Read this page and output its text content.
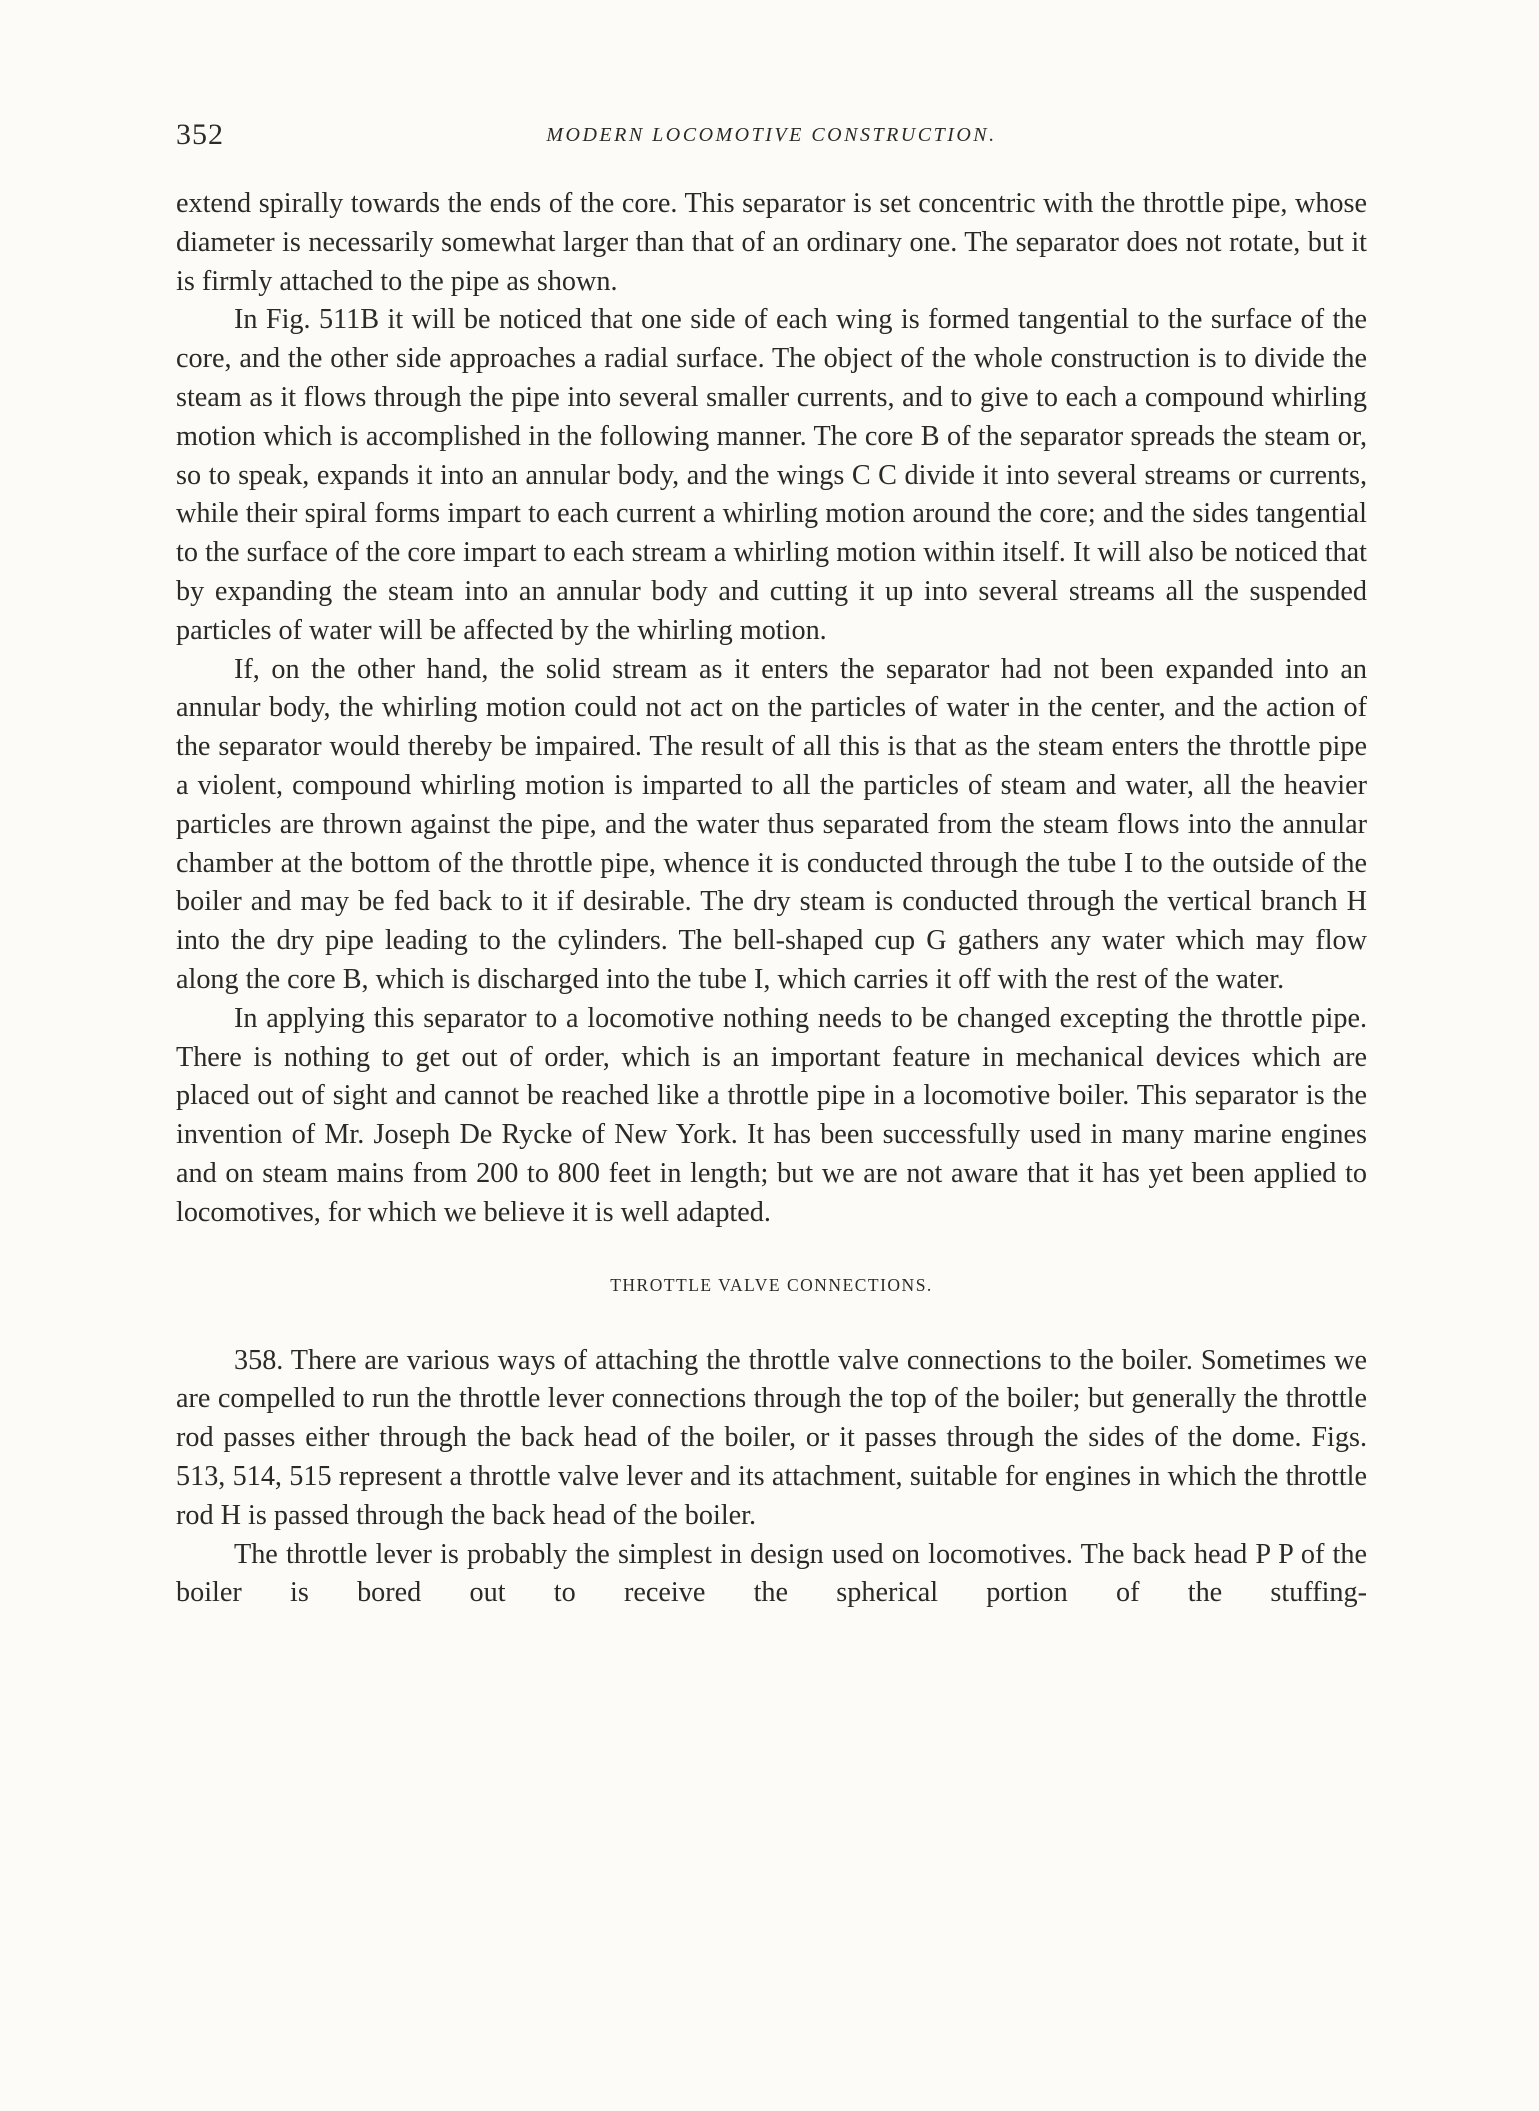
352	MODERN LOCOMOTIVE CONSTRUCTION.

extend spirally towards the ends of the core. This separator is set concentric with the throttle pipe, whose diameter is necessarily somewhat larger than that of an ordinary one. The separator does not rotate, but it is firmly attached to the pipe as shown.

In Fig. 511B it will be noticed that one side of each wing is formed tangential to the surface of the core, and the other side approaches a radial surface. The object of the whole construction is to divide the steam as it flows through the pipe into several smaller currents, and to give to each a compound whirling motion which is accomplished in the following manner. The core B of the separator spreads the steam or, so to speak, expands it into an annular body, and the wings C C divide it into several streams or currents, while their spiral forms impart to each current a whirling motion around the core; and the sides tangential to the surface of the core impart to each stream a whirling motion within itself. It will also be noticed that by expanding the steam into an annular body and cutting it up into several streams all the suspended particles of water will be affected by the whirling motion.

If, on the other hand, the solid stream as it enters the separator had not been expanded into an annular body, the whirling motion could not act on the particles of water in the center, and the action of the separator would thereby be impaired. The result of all this is that as the steam enters the throttle pipe a violent, compound whirling motion is imparted to all the particles of steam and water, all the heavier particles are thrown against the pipe, and the water thus separated from the steam flows into the annular chamber at the bottom of the throttle pipe, whence it is conducted through the tube I to the outside of the boiler and may be fed back to it if desirable. The dry steam is conducted through the vertical branch H into the dry pipe leading to the cylinders. The bell-shaped cup G gathers any water which may flow along the core B, which is discharged into the tube I, which carries it off with the rest of the water.

In applying this separator to a locomotive nothing needs to be changed excepting the throttle pipe. There is nothing to get out of order, which is an important feature in mechanical devices which are placed out of sight and cannot be reached like a throttle pipe in a locomotive boiler. This separator is the invention of Mr. Joseph De Rycke of New York. It has been successfully used in many marine engines and on steam mains from 200 to 800 feet in length; but we are not aware that it has yet been applied to locomotives, for which we believe it is well adapted.

THROTTLE VALVE CONNECTIONS.

358. There are various ways of attaching the throttle valve connections to the boiler. Sometimes we are compelled to run the throttle lever connections through the top of the boiler; but generally the throttle rod passes either through the back head of the boiler, or it passes through the sides of the dome. Figs. 513, 514, 515 represent a throttle valve lever and its attachment, suitable for engines in which the throttle rod H is passed through the back head of the boiler.

The throttle lever is probably the simplest in design used on locomotives. The back head P P of the boiler is bored out to receive the spherical portion of the stuffing-
